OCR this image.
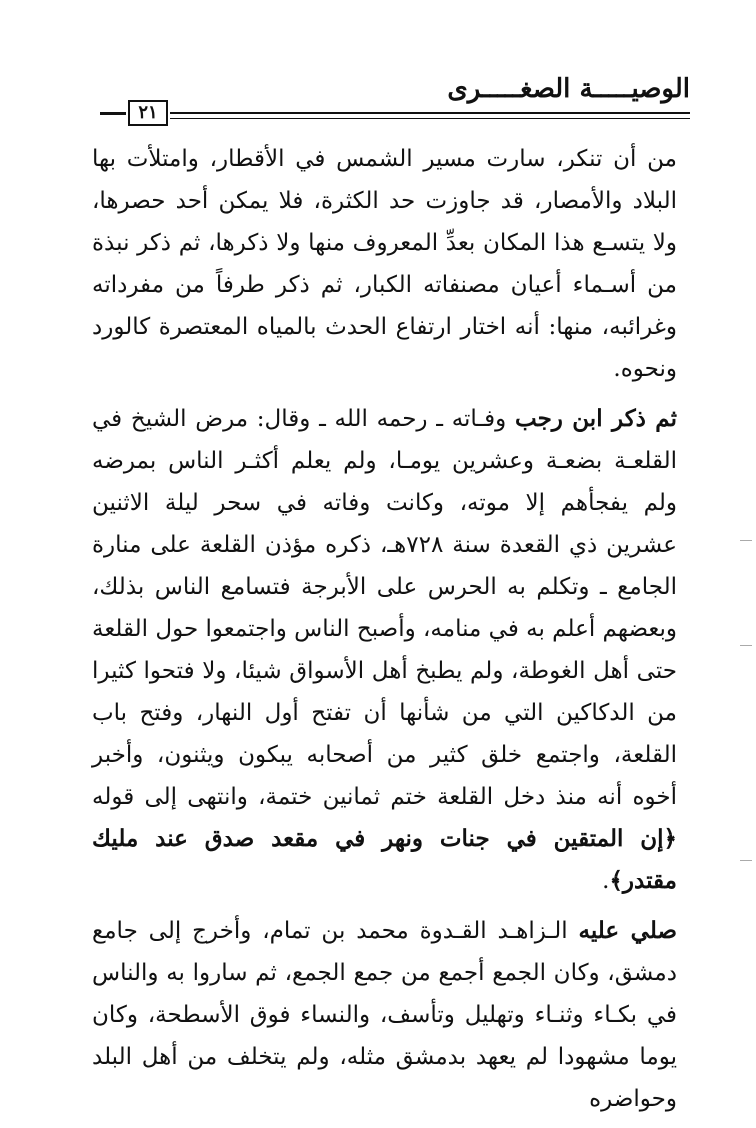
٢١
الوصيـــــة الصغـــــرى

من أن تنكر، سارت مسير الشمس في الأقطار، وامتلأت بها البلاد والأمصار، قد جاوزت حد الكثرة، فلا يمكن أحد حصرها، ولا يتسـع هذا المكان بعدِّ المعروف منها ولا ذكرها، ثم ذكر نبذة من أسـماء أعيان مصنفاته الكبار، ثم ذكر طرفاً من مفرداته وغرائبه، منها: أنه اختار ارتفاع الحدث بالمياه المعتصرة كالورد ونحوه.

ثم ذكر ابن رجب وفـاته ـ رحمه الله ـ وقال: مرض الشيخ في القلعـة بضعـة وعشرين يومـا، ولم يعلم أكثـر الناس بمرضه ولم يفجأهم إلا موته، وكانت وفاته في سحر ليلة الاثنين عشرين ذي القعدة سنة ٧٢٨هـ، ذكره مؤذن القلعة على منارة الجامع ـ وتكلم به الحرس على الأبرجة فتسامع الناس بذلك، وبعضهم أعلم به في منامه، وأصبح الناس واجتمعوا حول القلعة حتى أهل الغوطة، ولم يطبخ أهل الأسواق شيئا، ولا فتحوا كثيرا من الدكاكين التي من شأنها أن تفتح أول النهار، وفتح باب القلعة، واجتمع خلق كثير من أصحابه يبكون ويثنون، وأخبر أخوه أنه منذ دخل القلعة ختم ثمانين ختمة، وانتهى إلى قوله ﴿إن المتقين في جنات ونهر في مقعد صدق عند مليك مقتدر﴾.

صلي عليه الـزاهـد القـدوة محمد بن تمام، وأخرج إلى جامع دمشق، وكان الجمع أجمع من جمع الجمع، ثم ساروا به والناس في بكـاء وثنـاء وتهليل وتأسف، والنساء فوق الأسطحة، وكان يوما مشهودا لم يعهد بدمشق مثله، ولم يتخلف من أهل البلد وحواضره
